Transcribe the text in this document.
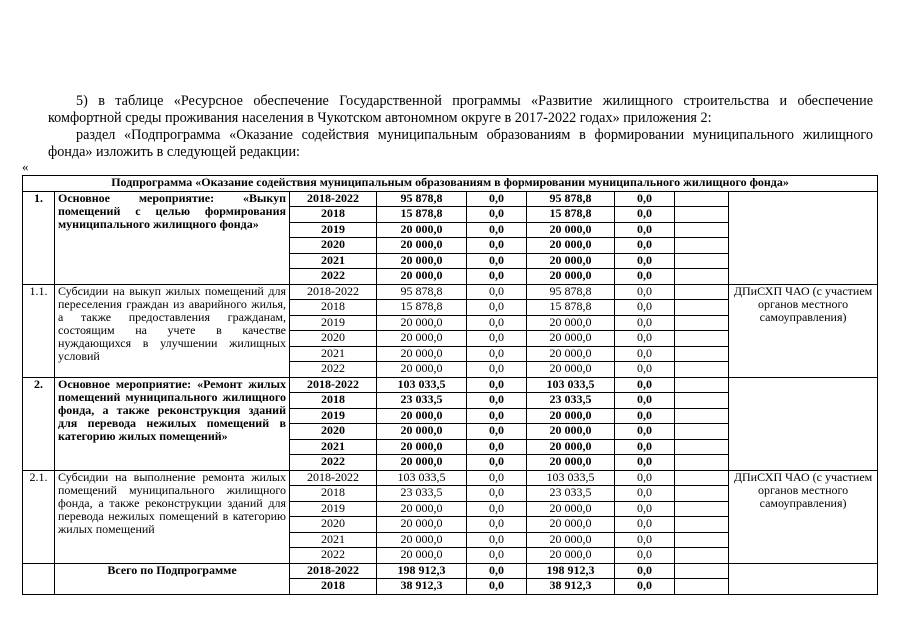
5) в таблице «Ресурсное обеспечение Государственной программы «Развитие жилищного строительства и обеспечение комфортной среды проживания населения в Чукотском автономном округе в 2017-2022 годах» приложения 2:

раздел «Подпрограмма «Оказание содействия муниципальным образованиям в формировании муниципального жилищного фонда» изложить в следующей редакции:

«
Подпрограмма «Оказание содействия муниципальным образованиям в формировании муниципального жилищного фонда»								
1.	Основное мероприятие: «Выкуп помещений с целью формирования муниципального жилищного фонда»	2018-2022	95 878,8	0,0	95 878,8	0,0		
		2018	15 878,8	0,0	15 878,8	0,0		
		2019	20 000,0	0,0	20 000,0	0,0		
		2020	20 000,0	0,0	20 000,0	0,0		
		2021	20 000,0	0,0	20 000,0	0,0		
		2022	20 000,0	0,0	20 000,0	0,0		
1.1.	Субсидии на выкуп жилых помещений для переселения граждан из аварийного жилья, а также предоставления гражданам, состоящим на учете в качестве нуждающихся в улучшении жилищных условий	2018-2022	95 878,8	0,0	95 878,8	0,0		ДПиСХП ЧАО (с участием органов местного самоуправления)
		2018	15 878,8	0,0	15 878,8	0,0		
		2019	20 000,0	0,0	20 000,0	0,0		
		2020	20 000,0	0,0	20 000,0	0,0		
		2021	20 000,0	0,0	20 000,0	0,0		
		2022	20 000,0	0,0	20 000,0	0,0		
2.	Основное мероприятие: «Ремонт жилых помещений муниципального жилищного фонда, а также реконструкция зданий для перевода нежилых помещений в категорию жилых помещений»	2018-2022	103 033,5	0,0	103 033,5	0,0		
		2018	23 033,5	0,0	23 033,5	0,0		
		2019	20 000,0	0,0	20 000,0	0,0		
		2020	20 000,0	0,0	20 000,0	0,0		
		2021	20 000,0	0,0	20 000,0	0,0		
		2022	20 000,0	0,0	20 000,0	0,0		
2.1.	Субсидии на выполнение ремонта жилых помещений муниципального жилищного фонда, а также реконструкции зданий для перевода нежилых помещений в категорию жилых помещений	2018-2022	103 033,5	0,0	103 033,5	0,0		ДПиСХП ЧАО (с участием органов местного самоуправления)
		2018	23 033,5	0,0	23 033,5	0,0		
		2019	20 000,0	0,0	20 000,0	0,0		
		2020	20 000,0	0,0	20 000,0	0,0		
		2021	20 000,0	0,0	20 000,0	0,0		
		2022	20 000,0	0,0	20 000,0	0,0		
	Всего по Подпрограмме	2018-2022	198 912,3	0,0	198 912,3	0,0		
		2018	38 912,3	0,0	38 912,3	0,0		
